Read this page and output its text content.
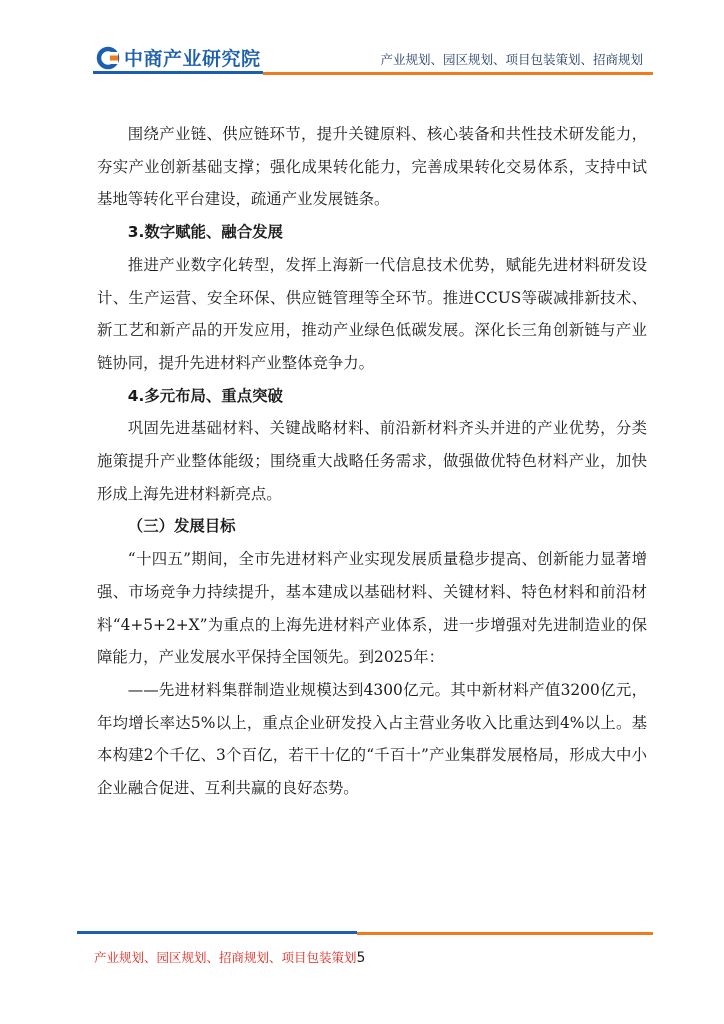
中商产业研究院	产业规划、园区规划、项目包装策划、招商规划

围绕产业链、供应链环节，提升关键原料、核心装备和共性技术研发能力，夯实产业创新基础支撑；强化成果转化能力，完善成果转化交易体系，支持中试基地等转化平台建设，疏通产业发展链条。

3.数字赋能、融合发展

推进产业数字化转型，发挥上海新一代信息技术优势，赋能先进材料研发设计、生产运营、安全环保、供应链管理等全环节。推进CCUS等碳减排新技术、新工艺和新产品的开发应用，推动产业绿色低碳发展。深化长三角创新链与产业链协同，提升先进材料产业整体竞争力。

4.多元布局、重点突破

巩固先进基础材料、关键战略材料、前沿新材料齐头并进的产业优势，分类施策提升产业整体能级；围绕重大战略任务需求，做强做优特色材料产业，加快形成上海先进材料新亮点。

（三）发展目标

“十四五”期间，全市先进材料产业实现发展质量稳步提高、创新能力显著增强、市场竞争力持续提升，基本建成以基础材料、关键材料、特色材料和前沿材料“4+5+2+X”为重点的上海先进材料产业体系，进一步增强对先进制造业的保障能力，产业发展水平保持全国领先。到2025年：

——先进材料集群制造业规模达到4300亿元。其中新材料产值3200亿元，年均增长率达5%以上，重点企业研发投入占主营业务收入比重达到4%以上。基本构建2个千亿、3个百亿，若干十亿的“千百十”产业集群发展格局，形成大中小企业融合促进、互利共赢的良好态势。

产业规划、园区规划、招商规划、项目包装策划5
